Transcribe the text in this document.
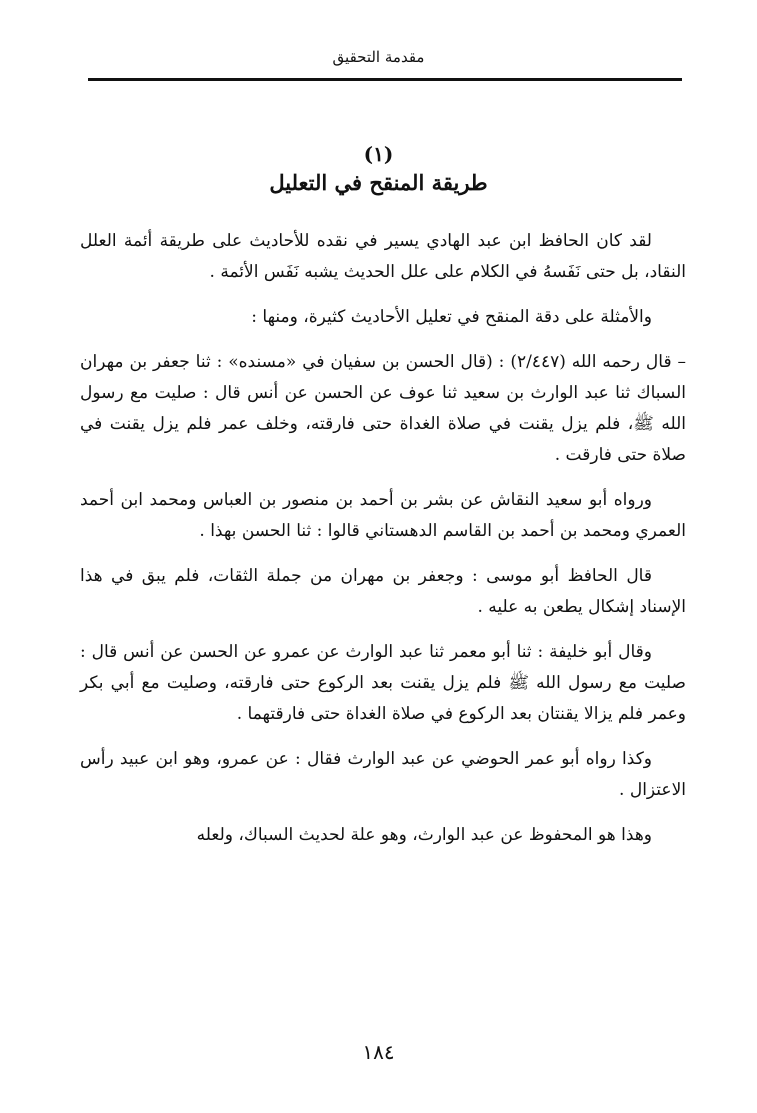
مقدمة التحقيق
(١)
طريقة المنقح في التعليل

لقد كان الحافظ ابن عبد الهادي يسير في نقده للأحاديث على طريقة أئمة العلل النقاد، بل حتى نَفَسهُ في الكلام على علل الحديث يشبه نَفَس الأئمة .

والأمثلة على دقة المنقح في تعليل الأحاديث كثيرة، ومنها :

– قال رحمه الله (٢/٤٤٧) : (قال الحسن بن سفيان في «مسنده» : ثنا جعفر بن مهران السباك ثنا عبد الوارث بن سعيد ثنا عوف عن الحسن عن أنس قال : صليت مع رسول الله ﷺ، فلم يزل يقنت في صلاة الغداة حتى فارقته، وخلف عمر فلم يزل يقنت في صلاة حتى فارقت .

ورواه أبو سعيد النقاش عن بشر بن أحمد بن منصور بن العباس ومحمد ابن أحمد العمري ومحمد بن أحمد بن القاسم الدهستاني قالوا : ثنا الحسن بهذا .

قال الحافظ أبو موسى : وجعفر بن مهران من جملة الثقات، فلم يبق في هذا الإسناد إشكال يطعن به عليه .

وقال أبو خليفة : ثنا أبو معمر ثنا عبد الوارث عن عمرو عن الحسن عن أنس قال : صليت مع رسول الله ﷺ فلم يزل يقنت بعد الركوع حتى فارقته، وصليت مع أبي بكر وعمر فلم يزالا يقنتان بعد الركوع في صلاة الغداة حتى فارقتهما .

وكذا رواه أبو عمر الحوضي عن عبد الوارث فقال : عن عمرو، وهو ابن عبيد رأس الاعتزال .

وهذا هو المحفوظ عن عبد الوارث، وهو علة لحديث السباك، ولعله

١٨٤
